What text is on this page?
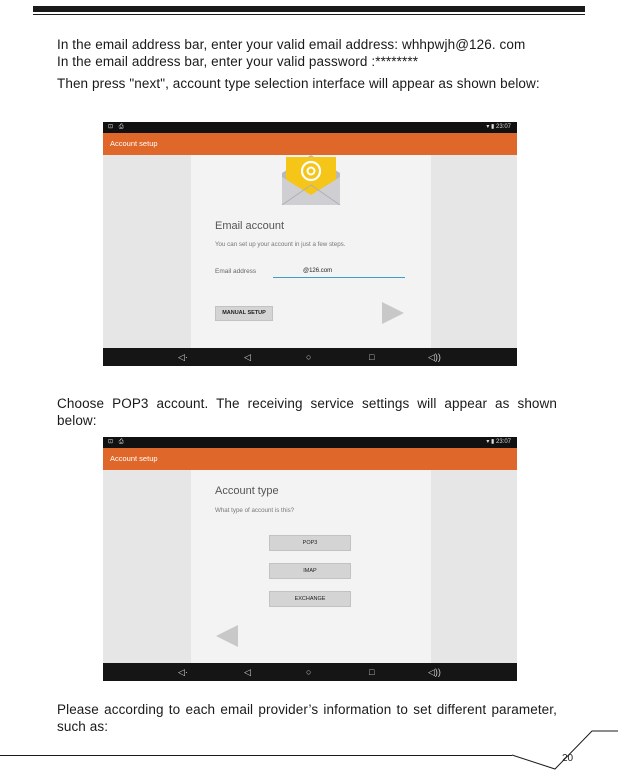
In the email address bar, enter your valid email address: whhpwjh@126. com
In the email address bar, enter your valid password :********
Then press "next", account type selection interface will appear as shown below:
⊡ ⎙	▾ ▮ 23:07
Account setup
Email account
You can set up your account in just a few steps.
Email address	@126.com
MANUAL SETUP
◁·	◁	○	□	◁))
Choose POP3 account. The receiving service settings will appear as shown below:
⊡ ⎙	▾ ▮ 23:07
Account setup
Account type
What type of account is this?
POP3
IMAP
EXCHANGE
◁·	◁	○	□	◁))
Please according to each email provider’s information to set different parameter, such as:
20
